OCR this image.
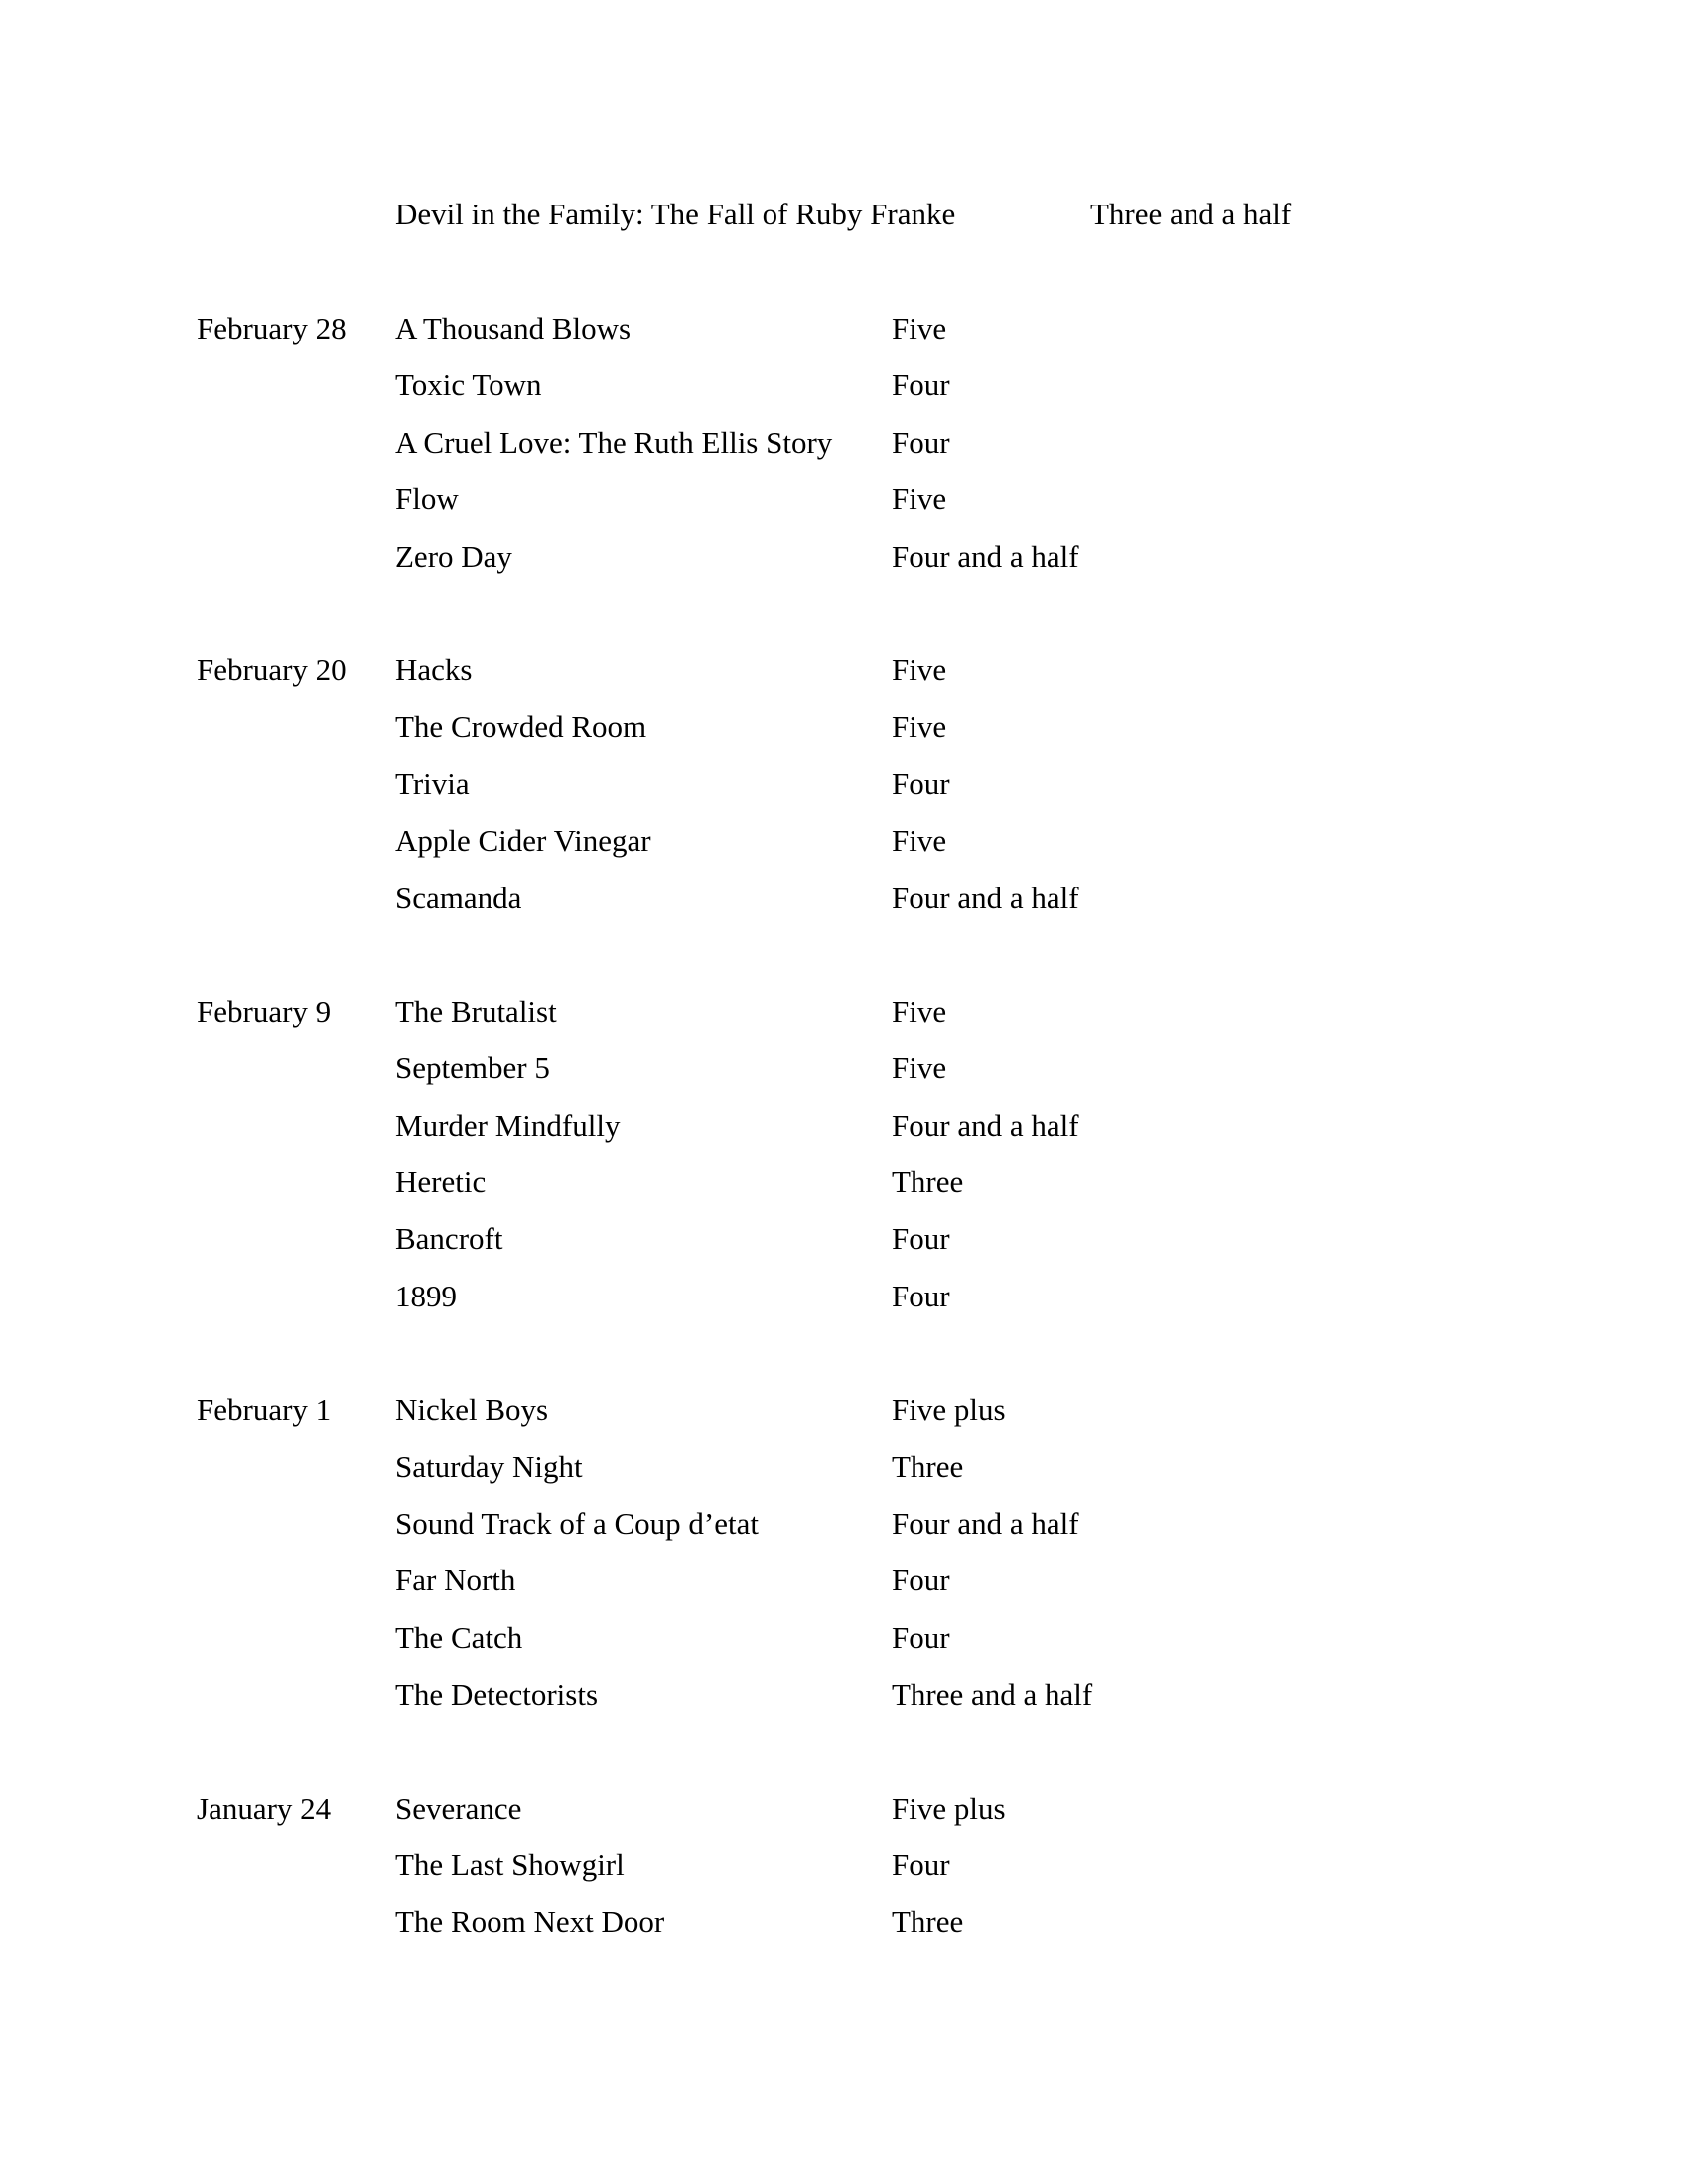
Devil in the Family: The Fall of Ruby Franke	Three and a half
February 28 A Thousand Blows	Five
Toxic Town	Four
A Cruel Love: The Ruth Ellis Story Four
Flow	Five
Zero Day	Four and a half
February 20 Hacks	Five
The Crowded Room	Five
Trivia	Four
Apple Cider Vinegar	Five
Scamanda	Four and a half
February 9 The Brutalist	Five
September 5	Five
Murder Mindfully	Four and a half
Heretic	Three
Bancroft	Four
1899	Four
February 1 Nickel Boys	Five plus
Saturday Night	Three
Sound Track of a Coup d’etat	Four and a half
Far North	Four
The Catch	Four
The Detectorists	Three and a half
January 24 Severance	Five plus
The Last Showgirl	Four
The Room Next Door	Three
